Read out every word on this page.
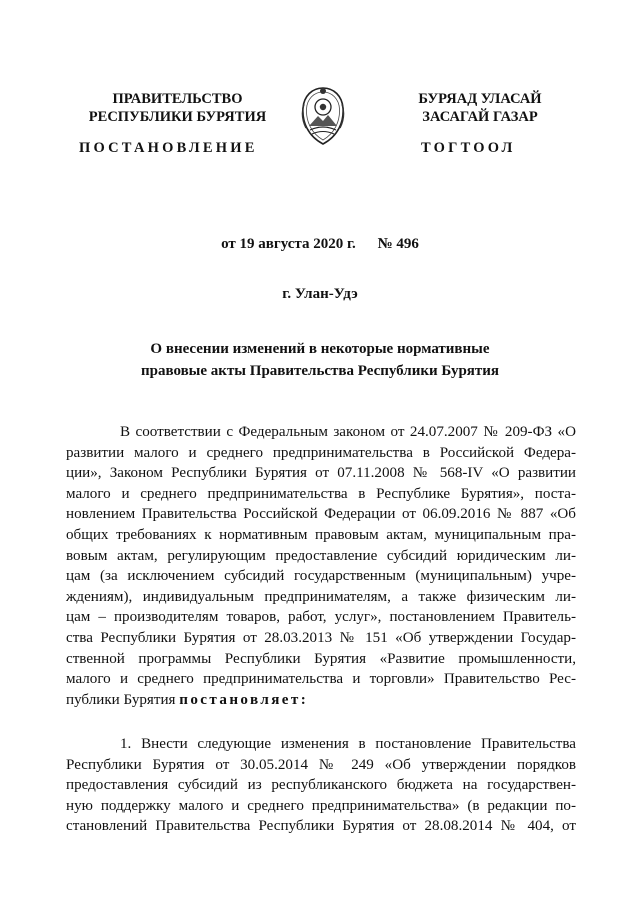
ПРАВИТЕЛЬСТВО
РЕСПУБЛИКИ БУРЯТИЯ
ПОСТАНОВЛЕНИЕ
БУРЯАД УЛАСАЙ
ЗАСАГАЙ ГАЗАР
ТОГТООЛ
от 19 августа 2020 г. № 496
г. Улан-Удэ
О внесении изменений в некоторые нормативные
правовые акты Правительства Республики Бурятия
В соответствии с Федеральным законом от 24.07.2007 № 209-ФЗ «О
развитии малого и среднего предпринимательства в Российской Федера-
ции», Законом Республики Бурятия от 07.11.2008 № 568-IV «О развитии
малого и среднего предпринимательства в Республике Бурятия», поста-
новлением Правительства Российской Федерации от 06.09.2016 № 887 «Об
общих требованиях к нормативным правовым актам, муниципальным пра-
вовым актам, регулирующим предоставление субсидий юридическим ли-
цам (за исключением субсидий государственным (муниципальным) учре-
ждениям), индивидуальным предпринимателям, а также физическим ли-
цам – производителям товаров, работ, услуг», постановлением Правитель-
ства Республики Бурятия от 28.03.2013 № 151 «Об утверждении Государ-
ственной программы Республики Бурятия «Развитие промышленности,
малого и среднего предпринимательства и торговли» Правительство Рес-
публики Бурятия постановляет:
1. Внести следующие изменения в постановление Правительства
Республики Бурятия от 30.05.2014 № 249 «Об утверждении порядков
предоставления субсидий из республиканского бюджета на государствен-
ную поддержку малого и среднего предпринимательства» (в редакции по-
становлений Правительства Республики Бурятия от 28.08.2014 № 404, от
